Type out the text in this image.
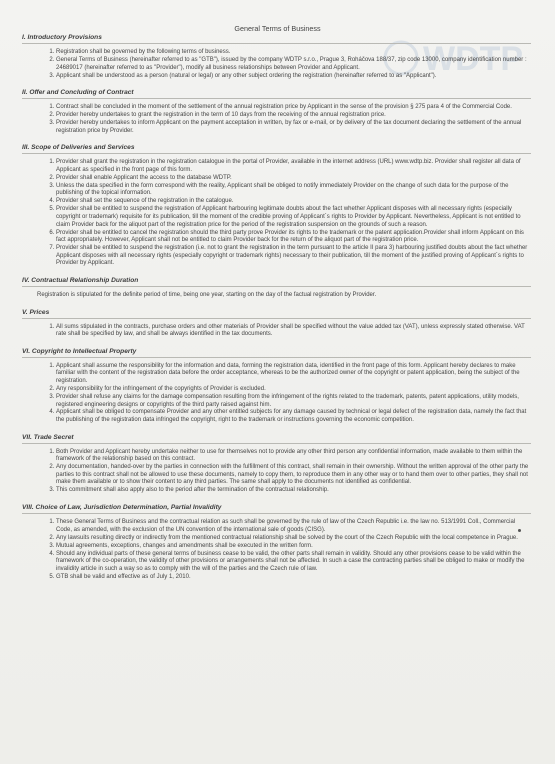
General Terms of Business
WDTP
I. Introductory Provisions
1. Registration shall be governed by the following terms of business.
2. General Terms of Business (hereinafter referred to as "GTB"), issued by the company WDTP s.r.o., Prague 3, Roháčova 188/37, zip code 13000, company identification number : 24689017 (hereinafter referred to as "Provider"), modify all business relationships between Provider and Applicant.
3. Applicant shall be understood as a person (natural or legal) or any other subject ordering the registration (hereinafter referred to as "Applicant").
II. Offer and Concluding of Contract
1. Contract shall be concluded in the moment of the settlement of the annual registration price by Applicant in the sense of the provision § 275 para 4 of the Commercial Code.
2. Provider hereby undertakes to grant the registration in the term of 10 days from the receiving of the annual registration price.
3. Provider hereby undertakes to inform Applicant on the payment acceptation in written, by fax or e-mail, or by delivery of the tax document declaring the settlement of the annual registration price by Provider.
III. Scope of Deliveries and Services
1. Provider shall grant the registration in the registration catalogue in the portal of Provider, available in the internet address (URL) www.wdtp.biz. Provider shall register all data of Applicant as specified in the front page of this form.
2. Provider shall enable Applicant the access to the database WDTP.
3. Unless the data specified in the form correspond with the reality, Applicant shall be obliged to notify immediately Provider on the change of such data for the purpose of the publishing of the topical information.
4. Provider shall set the sequence of the registration in the catalogue.
5. Provider shall be entitled to suspend the registration of Applicant harbouring legitimate doubts about the fact whether Applicant disposes with all necessary rights (especially copyright or trademark) requisite for its publication, till the moment of the credible proving of Applicant´s rights to Provider by Applicant. Nevertheless, Applicant is not entitled to claim Provider back for the aliquot part of the registration price for the period of the registration suspension on the grounds of such a reason.
6. Provider shall be entitled to cancel the registration should the third party prove Provider its rights to the trademark or the patent application.Provider shall inform Applicant on this fact appropriately. However, Applicant shall not be entitled to claim Provider back for the return of the aliquot part of the registration price.
7. Provider shall be entitled to suspend the registration (i.e. not to grant the registration in the term pursuant to the article II para 3) harbouring justified doubts about the fact whether Applicant disposes with all necessary rights (especially copyright or trademark rights) necessary to their publication, till the moment of the justified proving of Applicant´s rights to Provider by Applicant.
IV. Contractual Relationship Duration

Registration is stipulated for the definite period of time, being one year, starting on the day of the factual registration by Provider.

V. Prices
1. All sums stipulated in the contracts, purchase orders and other materials of Provider shall be specified without the value added tax (VAT), unless expressly stated otherwise. VAT rate shall be specified by law, and shall be always identified in the tax documents.
VI. Copyright to Intellectual Property
1. Applicant shall assume the responsibility for the information and data, forming the registration data, identified in the front page of this form. Applicant hereby declares to make familiar with the content of the registration data before the order acceptance, whereas to be the authorized owner of the copyright or patent application, being the subject of the registration.
2. Any responsibility for the infringement of the copyrights of Provider is excluded.
3. Provider shall refuse any claims for the damage compensation resulting from the infringement of the rights related to the trademark, patents, patent applications, utility models, registered engineering designs or copyrights of the third party raised against him.
4. Applicant shall be obliged to compensate Provider and any other entitled subjects for any damage caused by technical or legal defect of the registration data, namely the fact that the publishing of the registration data infringed the copyright, right to the trademark or instructions governing the economic competition.
VII. Trade Secret
1. Both Provider and Applicant hereby undertake neither to use for themselves not to provide any other third person any confidential information, made available to them within the framework of the relationship based on this contract.
2. Any documentation, handed-over by the parties in connection with the fulfillment of this contract, shall remain in their ownership. Without the written approval of the other party the parties to this contract shall not be allowed to use these documents, namely to copy them, to reproduce them in any other way or to hand them over to other parties, they shall not make them available or to show their content to any third parties. The same shall apply to the documents not identified as confidential.
3. This commitment shall also apply also to the period after the termination of the contractual relationship.
VIII. Choice of Law, Jurisdiction Determination, Partial Invalidity
1. These General Terms of Business and the contractual relation as such shall be governed by the rule of law of the Czech Republic i.e. the law no. 513/1991 Coll., Commercial Code, as amended, with the exclusion of the UN convention of the international sale of goods (CISG).
2. Any lawsuits resulting directly or indirectly from the mentioned contractual relationship shall be solved by the court of the Czech Republic with the local competence in Prague.
3. Mutual agreements, exceptions, changes and amendments shall be executed in the written form.
4. Should any individual parts of these general terms of business cease to be valid, the other parts shall remain in validity. Should any other provisions cease to be valid within the framework of the co-operation, the validity of other provisions or arrangements shall not be affected. In such a case the contracting parties shall be obliged to make or modify the invalidity article in such a way so as to comply with the will of the parties and the Czech rule of law.
5. GTB shall be valid and effective as of July 1, 2010.
